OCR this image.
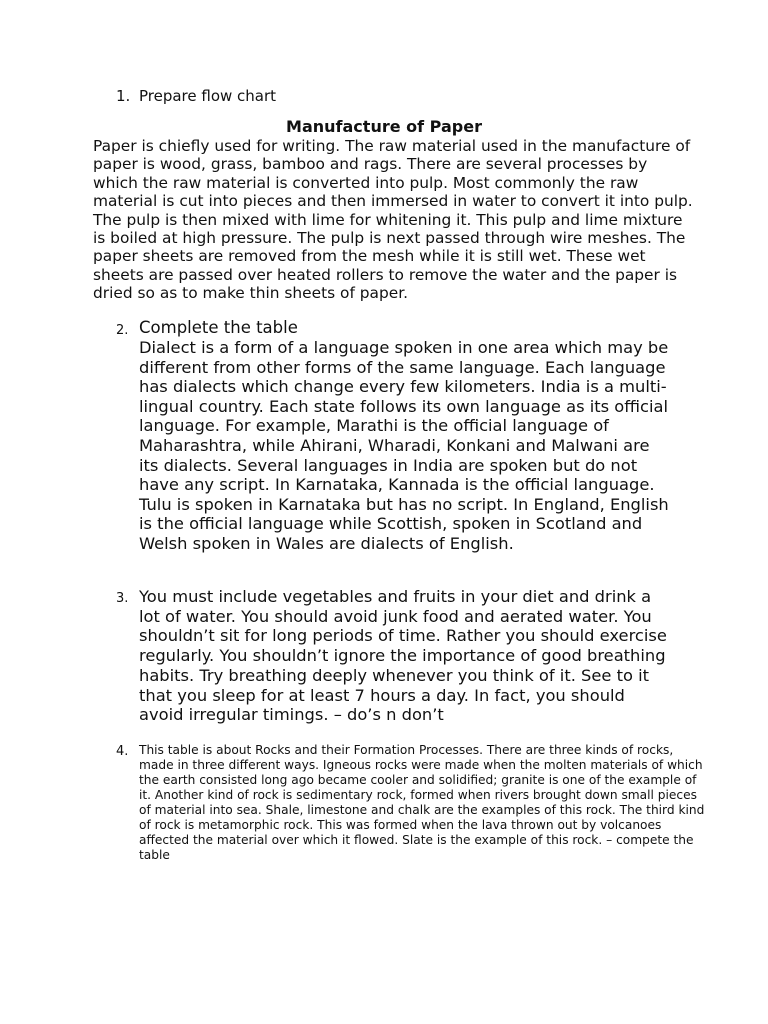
1. Prepare flow chart
Manufacture of Paper

Paper is chiefly used for writing. The raw material used in the manufacture of paper is wood, grass, bamboo and rags. There are several processes by which the raw material is converted into pulp. Most commonly the raw material is cut into pieces and then immersed in water to convert it into pulp. The pulp is then mixed with lime for whitening it. This pulp and lime mixture is boiled at high pressure. The pulp is next passed through wire meshes. The paper sheets are removed from the mesh while it is still wet. These wet sheets are passed over heated rollers to remove the water and the paper is dried so as to make thin sheets of paper.

2. Complete the table

Dialect is a form of a language spoken in one area which may be different from other forms of the same language. Each language has dialects which change every few kilometers. India is a multi-lingual country. Each state follows its own language as its official language. For example, Marathi is the official language of Maharashtra, while Ahirani, Wharadi, Konkani and Malwani are its dialects. Several languages in India are spoken but do not have any script. In Karnataka, Kannada is the official language. Tulu is spoken in Karnataka but has no script. In England, English is the official language while Scottish, spoken in Scotland and Welsh spoken in Wales are dialects of English.

3. You must include vegetables and fruits in your diet and drink a lot of water. You should avoid junk food and aerated water. You shouldn’t sit for long periods of time. Rather you should exercise regularly. You shouldn’t ignore the importance of good breathing habits. Try breathing deeply whenever you think of it. See to it that you sleep for at least 7 hours a day. In fact, you should avoid irregular timings. – do’s n don’t

4. This table is about Rocks and their Formation Processes. There are three kinds of rocks, made in three different ways. Igneous rocks were made when the molten materials of which the earth consisted long ago became cooler and solidified; granite is one of the example of it. Another kind of rock is sedimentary rock, formed when rivers brought down small pieces of material into sea. Shale, limestone and chalk are the examples of this rock. The third kind of rock is metamorphic rock. This was formed when the lava thrown out by volcanoes affected the material over which it flowed. Slate is the example of this rock. – compete the table
